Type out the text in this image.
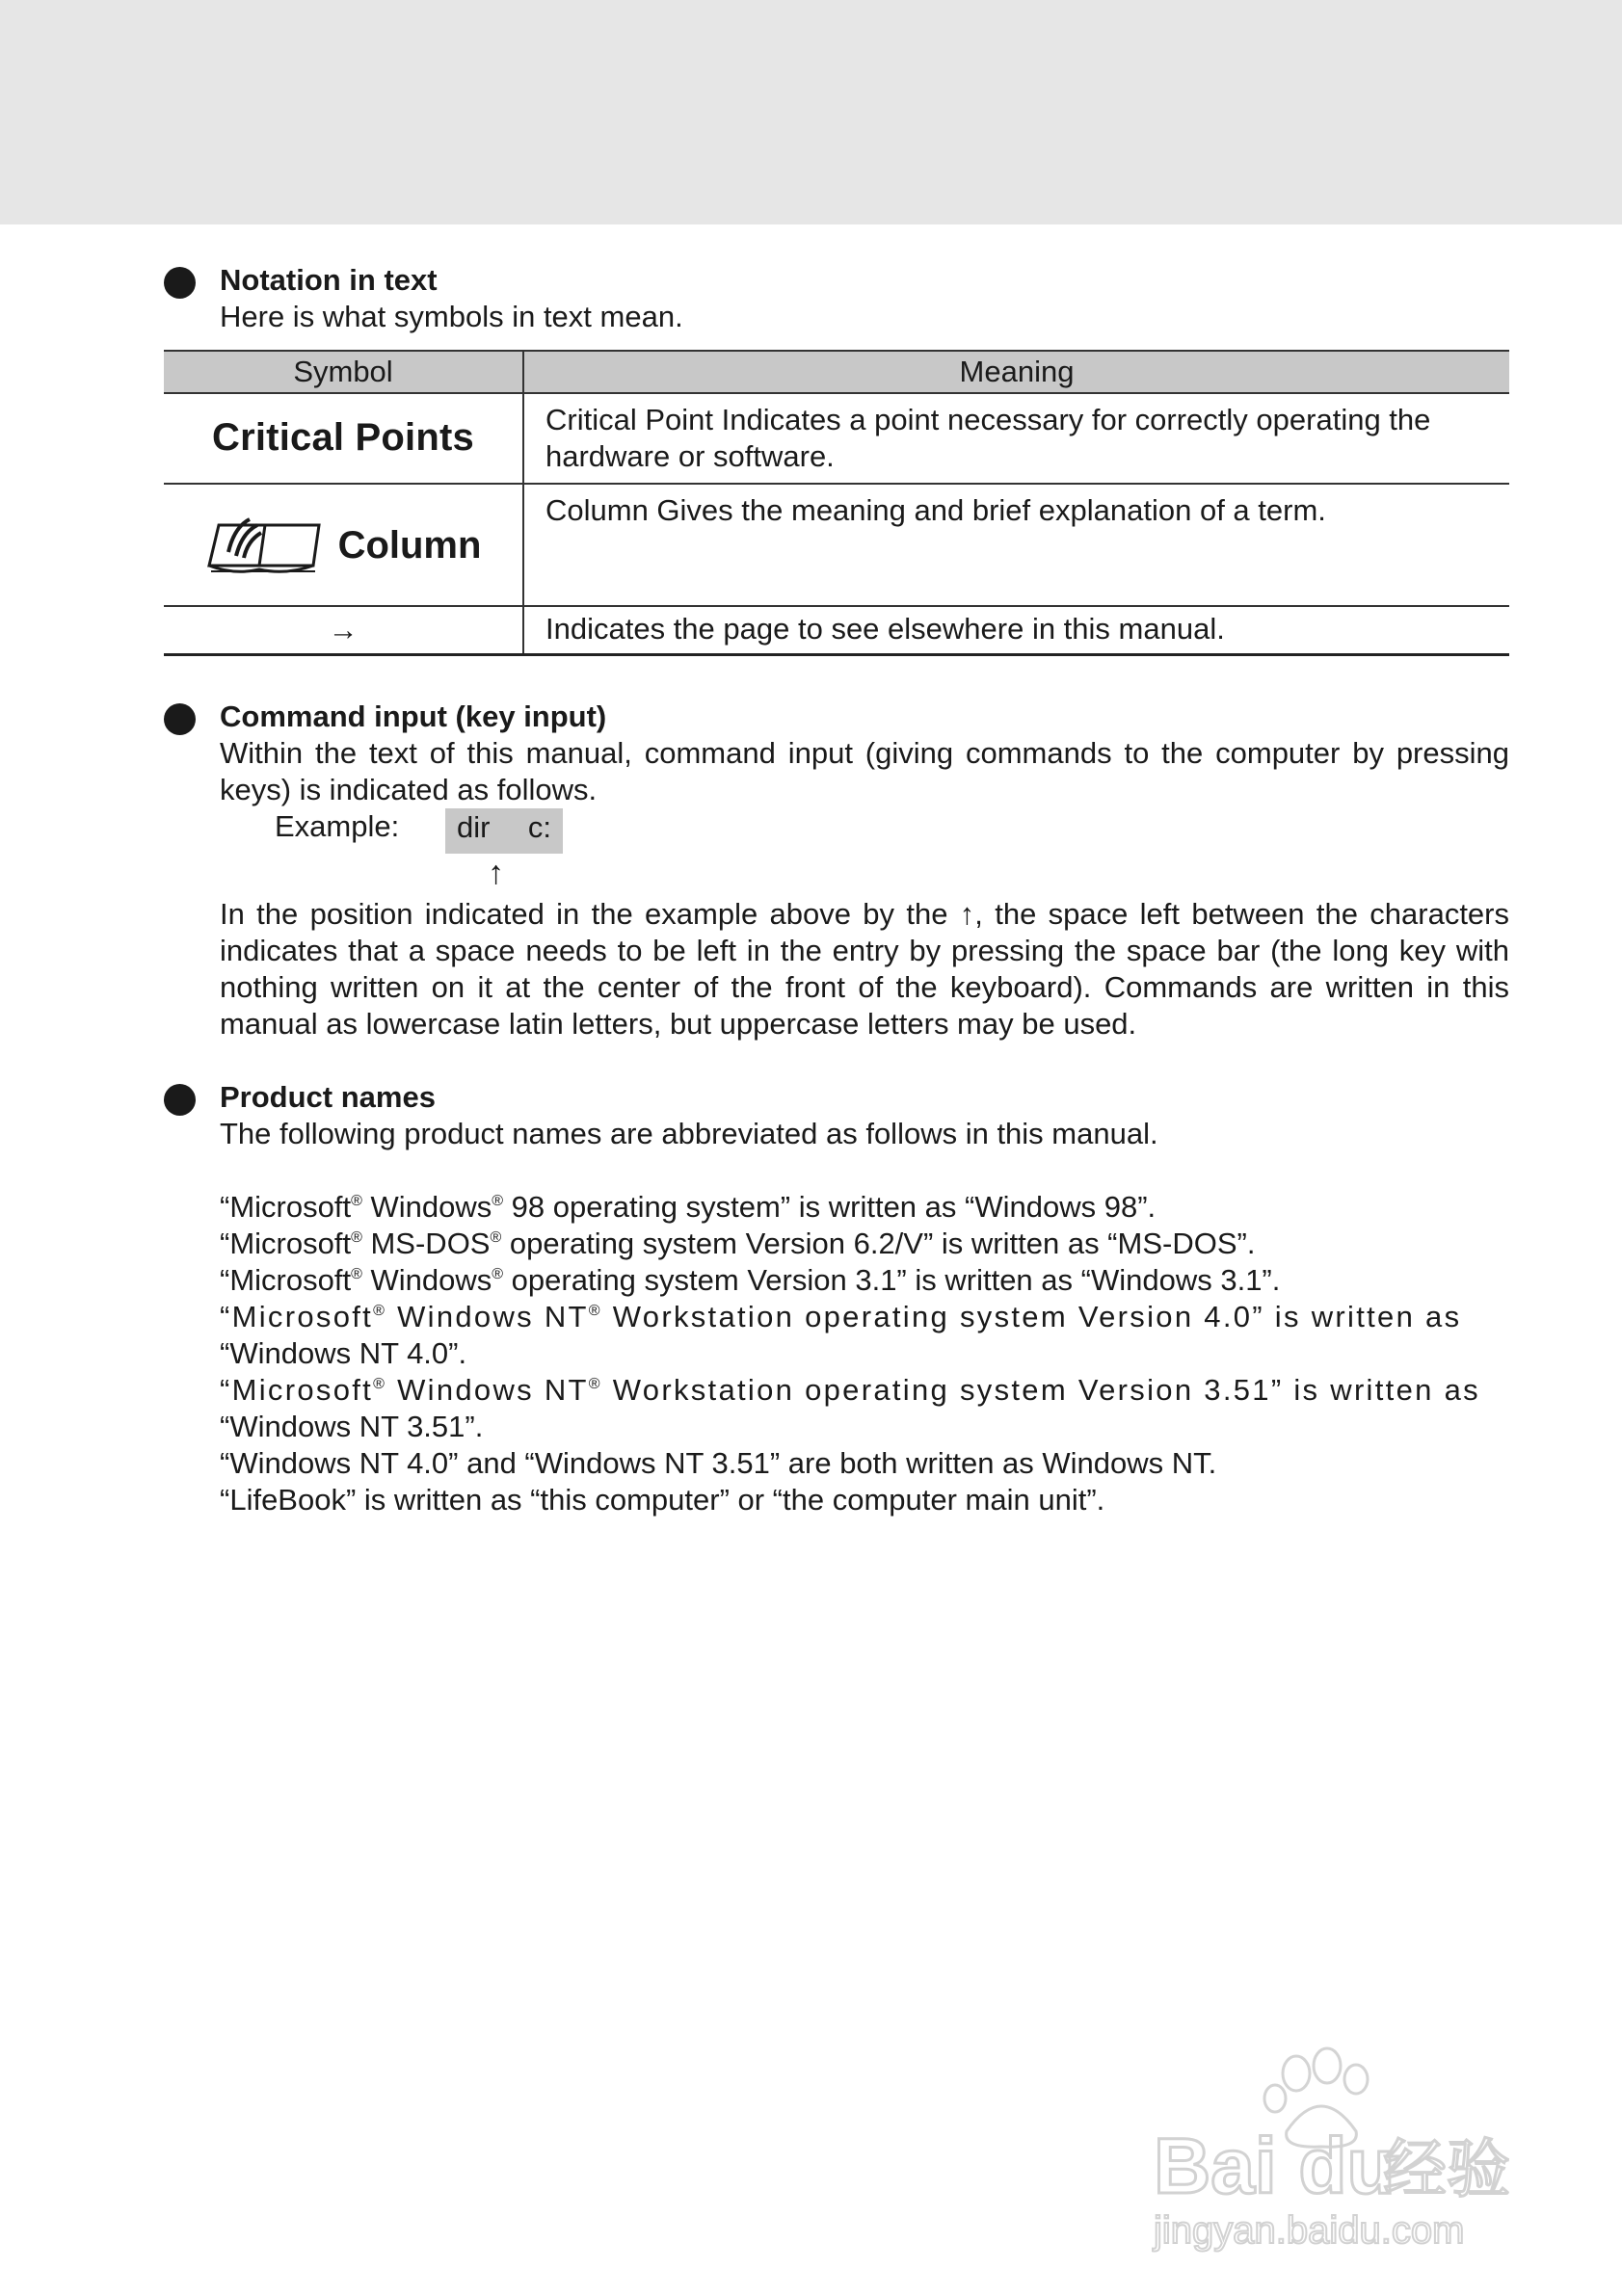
Notation in text

Here is what symbols in text mean.

Symbol	Meaning
Critical Points	Critical Point Indicates a point necessary for correctly operating the hardware or software.

Column	Column Gives the meaning and brief explanation of a term.
→	Indicates the page to see elsewhere in this manual.

Command input (key input)

Within the text of this manual, command input (giving commands to the computer by pressing keys) is indicated as follows.

Example:	dir c:
↑

In the position indicated in the example above by the ↑, the space left between the characters indicates that a space needs to be left in the entry by pressing the space bar (the long key with nothing written on it at the center of the front of the keyboard). Commands are written in this manual as lowercase latin letters, but uppercase letters may be used.

Product names

The following product names are abbreviated as follows in this manual.

“Microsoft® Windows® 98 operating system” is written as “Windows 98”.

“Microsoft® MS-DOS® operating system Version 6.2/V” is written as “MS-DOS”.

“Microsoft® Windows® operating system Version 3.1” is written as “Windows 3.1”.

“Microsoft® Windows NT® Workstation operating system Version 4.0” is written as

“Windows NT 4.0”.

“Microsoft® Windows NT® Workstation operating system Version 3.51” is written as

“Windows NT 3.51”.

“Windows NT 4.0” and “Windows NT 3.51” are both written as Windows NT.

“LifeBook” is written as “this computer” or “the computer main unit”.

Bai du
经验
jingyan.baidu.com
